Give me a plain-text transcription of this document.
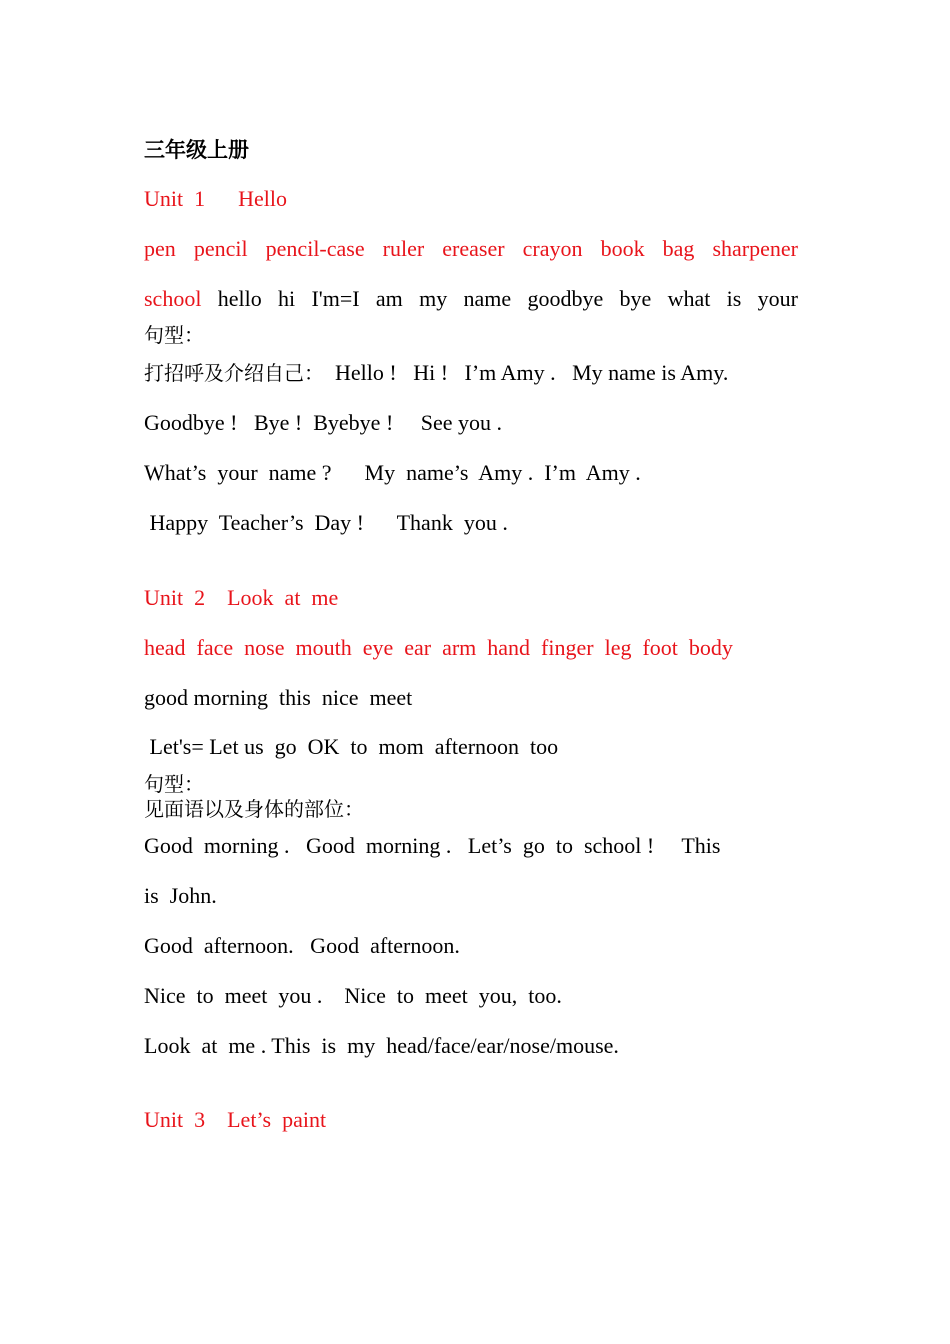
三年级上册
Unit  1      Hello
pen pencil pencil-case ruler ereaser crayon book bag sharpener
school hello hi I'm=I am my name goodbye bye what is your
句型：
打招呼及介绍自己：  Hello !   Hi !   I’m Amy .   My name is Amy.
Goodbye !   Bye !  Byebye !     See you .
What’s  your  name ?      My  name’s  Amy .  I’m  Amy .
Happy  Teacher’s  Day !      Thank  you .
Unit  2    Look  at  me
head  face  nose  mouth  eye  ear  arm  hand  finger  leg  foot  body
good morning  this  nice  meet
Let's= Let us  go  OK  to  mom  afternoon  too
句型：
见面语以及身体的部位：
Good  morning .   Good  morning .   Let’s  go  to  school !     This
is  John.
Good  afternoon.   Good  afternoon.
Nice  to  meet  you .    Nice  to  meet  you,  too.
Look  at  me . This  is  my  head/face/ear/nose/mouse.
Unit  3    Let’s  paint
